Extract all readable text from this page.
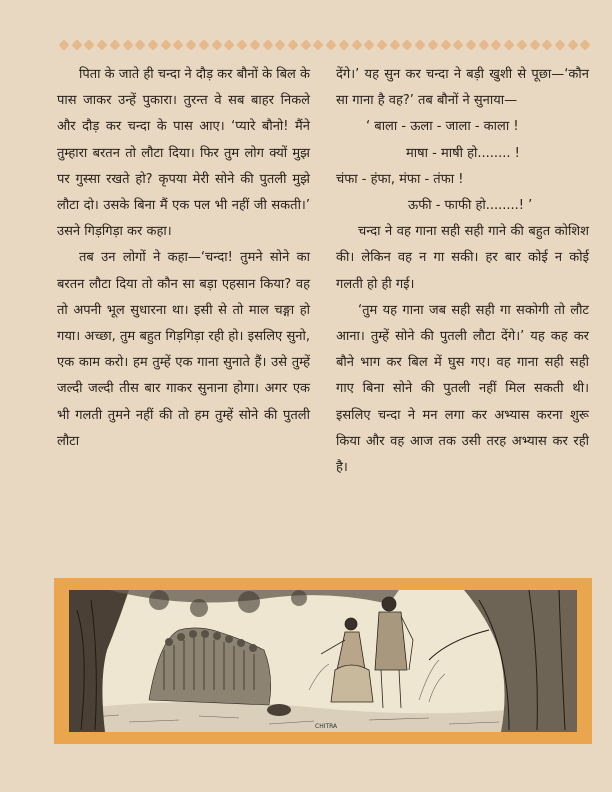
पिता के जाते ही चन्दा ने दौड़ कर बौनों के बिल के पास जाकर उन्हें पुकारा। तुरन्त वे सब बाहर निकले और दौड़ कर चन्दा के पास आए। ‘प्यारे बौनो! मैंने तुम्हारा बरतन तो लौटा दिया। फिर तुम लोग क्यों मुझ पर गुस्सा रखते हो? कृपया मेरी सोने की पुतली मुझे लौटा दो। उसके बिना मैं एक पल भी नहीं जी सकती।’ उसने गिड़गिड़ा कर कहा।

तब उन लोगों ने कहा—‘चन्दा! तुमने सोने का बरतन लौटा दिया तो कौन सा बड़ा एहसान किया? वह तो अपनी भूल सुधारना था। इसी से तो माल चङ्गा हो गया। अच्छा, तुम बहुत गिड़गिड़ा रही हो। इसलिए सुनो, एक काम करो। हम तुम्हें एक गाना सुनाते हैं। उसे तुम्हें जल्दी जल्दी तीस बार गाकर सुनाना होगा। अगर एक भी गलती तुमने नहीं की तो हम तुम्हें सोने की पुतली लौटा

देंगे।’ यह सुन कर चन्दा ने बड़ी खुशी से पूछा—‘कौन सा गाना है वह?’ तब बौनों ने सुनाया—

‘ बाला - ऊला - जाला - काला !
माषा - माषी हो........ !
चंफा - हंफा, मंफा - तंफा !
ऊफी - फाफी हो........! ’

चन्दा ने वह गाना सही सही गाने की बहुत कोशिश की। लेकिन वह न गा सकी। हर बार कोई न कोई गलती हो ही गई।

‘तुम यह गाना जब सही सही गा सकोगी तो लौट आना। तुम्हें सोने की पुतली लौटा देंगे।’ यह कह कर बौने भाग कर बिल में घुस गए। वह गाना सही सही गाए बिना सोने की पुतली नहीं मिल सकती थी। इसलिए चन्दा ने मन लगा कर अभ्यास करना शुरू किया और वह आज तक उसी तरह अभ्यास कर रही है।

CHITRA
